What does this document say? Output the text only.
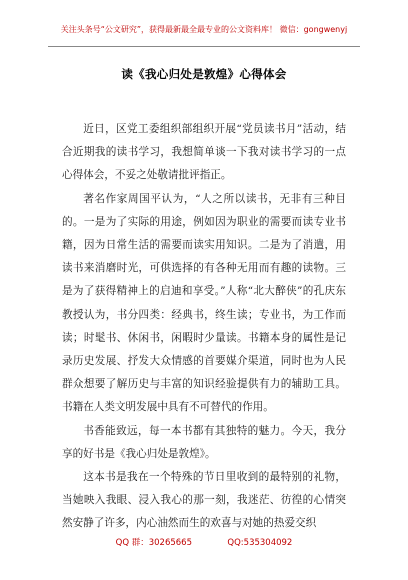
关注头条号“公文研究”，获得最新最全最专业的公文资料库！ 微信：gongwenyj
读《我心归处是敦煌》心得体会

近日，区党工委组织部组织开展“党员读书月”活动，结合近期我的读书学习，我想简单谈一下我对读书学习的一点心得体会，不妥之处敬请批评指正。

著名作家周国平认为，“人之所以读书，无非有三种目的。一是为了实际的用途，例如因为职业的需要而读专业书籍，因为日常生活的需要而读实用知识。二是为了消遣，用读书来消磨时光，可供选择的有各种无用而有趣的读物。三是为了获得精神上的启迪和享受。”人称“北大醉侠”的孔庆东教授认为，书分四类：经典书，终生读；专业书，为工作而读；时髦书、休闲书，闲暇时少量读。书籍本身的属性是记录历史发展、抒发大众情感的首要媒介渠道，同时也为人民群众想要了解历史与丰富的知识经验提供有力的辅助工具。书籍在人类文明发展中具有不可替代的作用。

书香能致远，每一本书都有其独特的魅力。今天，我分享的好书是《我心归处是敦煌》。

这本书是我在一个特殊的节日里收到的最特别的礼物，当她映入我眼、浸入我心的那一刻，我迷茫、彷徨的心情突然安静了许多，内心油然而生的欢喜与对她的热爱交织

QQ 群：30265665	QQ:535304092
